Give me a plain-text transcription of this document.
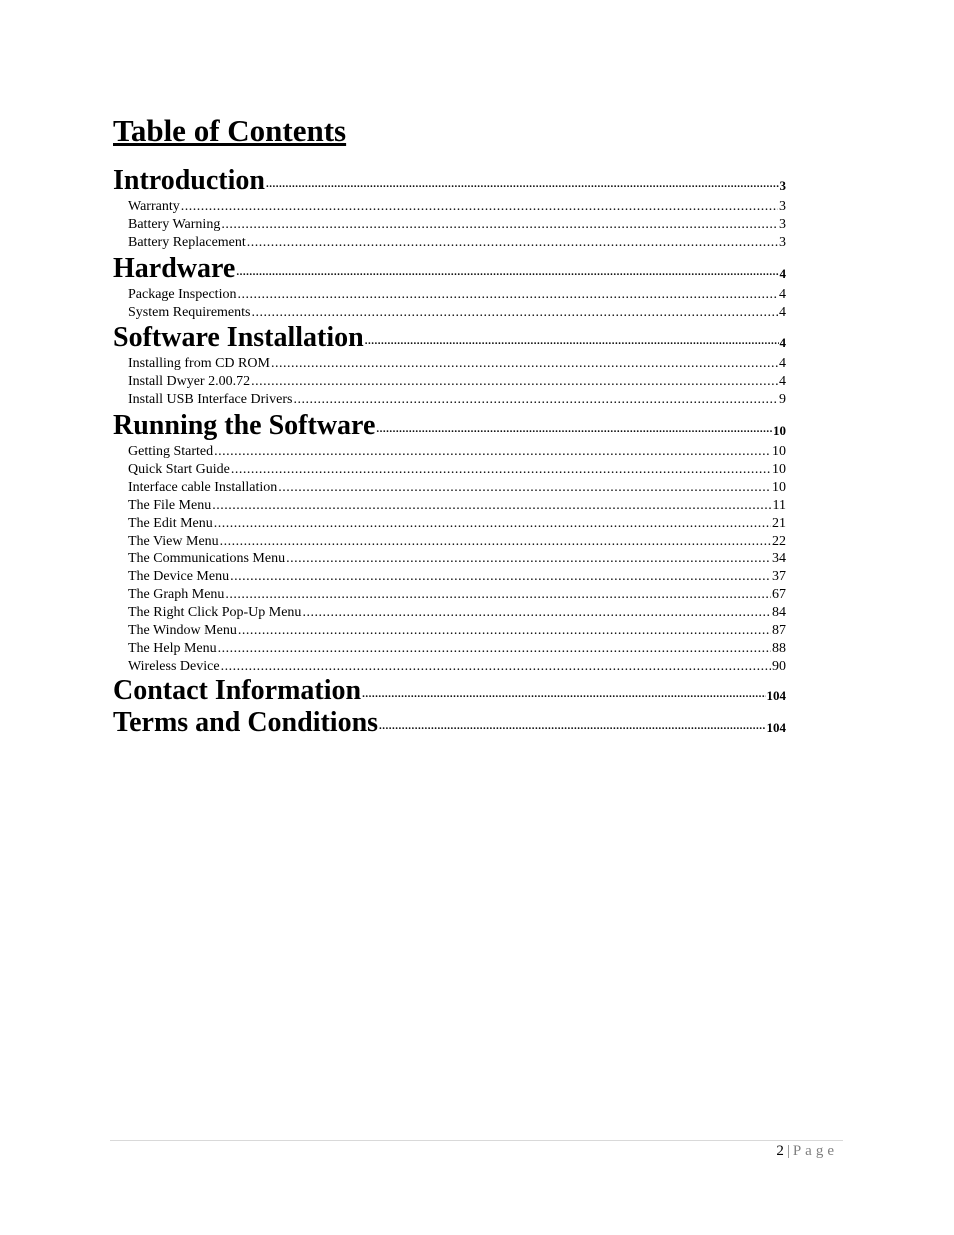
Table of Contents
Introduction .....	3
Warranty .....	3
Battery Warning .....	3
Battery Replacement .....	3
Hardware .....	4
Package Inspection .....	4
System Requirements .....	4
Software Installation .....	4
Installing from CD ROM .....	4
Install Dwyer 2.00.72 .....	4
Install USB Interface Drivers .....	9
Running the Software .....	10
Getting Started .....	10
Quick Start Guide .....	10
Interface cable Installation .....	10
The File Menu .....	11
The Edit Menu .....	21
The View Menu .....	22
The Communications Menu .....	34
The Device Menu .....	37
The Graph Menu .....	67
The Right Click Pop-Up Menu .....	84
The Window Menu .....	87
The Help Menu .....	88
Wireless Device .....	90
Contact Information .....	104
Terms and Conditions .....	104
2 | Page
